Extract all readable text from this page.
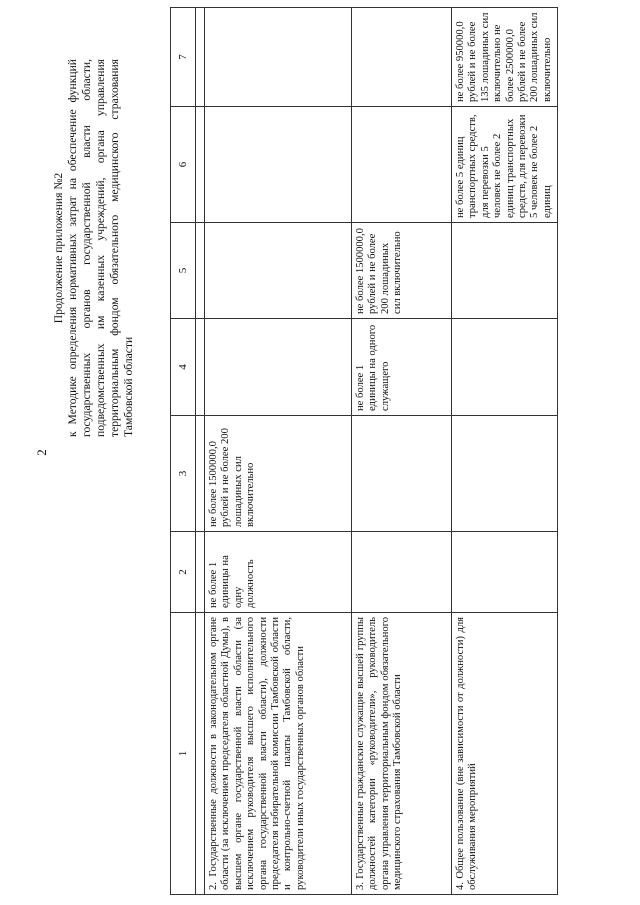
2
Продолжение приложения №2 к Методике определения нормативных затрат на обеспечение функций государственных органов государственной власти области, подведомственных им казенных учреждений, органа управления территориальным фондом обязательного медицинского страхования Тамбовской области
1	2	3	4	5	6	7

2. Государственные должности в законодательном органе области (за исключением председателя областной Думы), в высшем органе государственной власти области (за исключением руководителя высшего исполнительного органа государственной власти области), должности председателя избирательной комиссии Тамбовской области и контрольно-счетной палаты Тамбовской области, руководители иных государственных органов области	не более 1 единицы на одну должность	не более 1500000,0 рублей и не более 200 лошадиных сил включительно				
3. Государственные гражданские служащие высшей группы должностей категории «руководители», руководитель органа управления территориальным фондом обязательного медицинского страхования Тамбовской области			не более 1 единицы на одного служащего	не более 1500000,0 рублей и не более 200 лошадиных сил включительно		
4. Общее пользование (вне зависимости от должности) для обслуживания мероприятий					не более 5 единиц транспортных средств, для перевозки 5 человек не более 2 единиц транспортных средств, для перевозки 5 человек не более 2 единиц	не более 950000,0 рублей и не более 135 лошадиных сил включительно не более 2500000,0 рублей и не более 200 лошадиных сил включительно
